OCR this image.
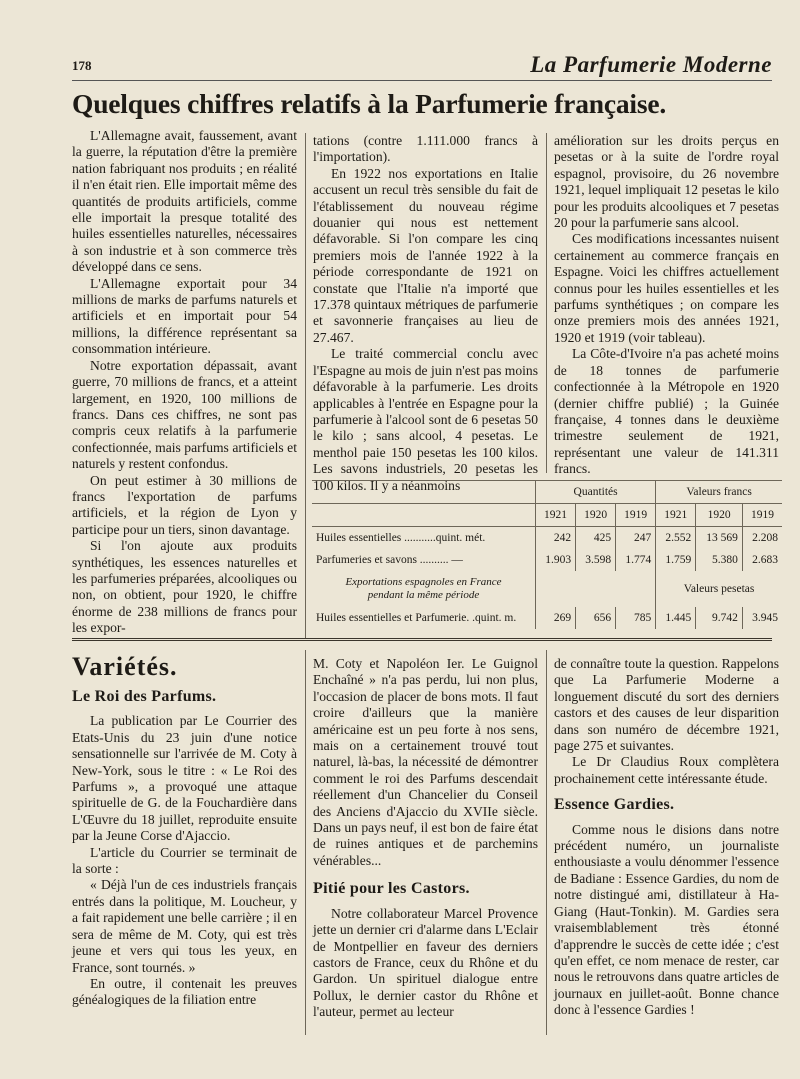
178	La Parfumerie Moderne
Quelques chiffres relatifs à la Parfumerie française.

L'Allemagne avait, faussement, avant la guerre, la réputation d'être la première nation fabriquant nos produits ; en réalité il n'en était rien. Elle importait même des quantités de produits artificiels, comme elle importait la presque totalité des huiles essentielles naturelles, nécessaires à son industrie et à son commerce très développé dans ce sens.

L'Allemagne exportait pour 34 millions de marks de parfums naturels et artificiels et en importait pour 54 millions, la différence représentant sa consommation intérieure.

Notre exportation dépassait, avant guerre, 70 millions de francs, et a atteint largement, en 1920, 100 millions de francs. Dans ces chiffres, ne sont pas compris ceux relatifs à la parfumerie confectionnée, mais parfums artificiels et naturels y restent confondus.

On peut estimer à 30 millions de francs l'exportation de parfums artificiels, et la région de Lyon y participe pour un tiers, sinon davantage.

Si l'on ajoute aux produits synthétiques, les essences naturelles et les parfumeries préparées, alcooliques ou non, on obtient, pour 1920, le chiffre énorme de 238 millions de francs pour les expor-

tations (contre 1.111.000 francs à l'importation).

En 1922 nos exportations en Italie accusent un recul très sensible du fait de l'établissement du nouveau régime douanier qui nous est nettement défavorable. Si l'on compare les cinq premiers mois de l'année 1922 à la période correspondante de 1921 on constate que l'Italie n'a importé que 17.378 quintaux métriques de parfumerie et savonnerie françaises au lieu de 27.467.

Le traité commercial conclu avec l'Espagne au mois de juin n'est pas moins défavorable à la parfumerie. Les droits applicables à l'entrée en Espagne pour la parfumerie à l'alcool sont de 6 pesetas 50 le kilo ; sans alcool, 4 pesetas. Le menthol paie 150 pesetas les 100 kilos. Les savons industriels, 20 pesetas les 100 kilos. Il y a néanmoins

amélioration sur les droits perçus en pesetas or à la suite de l'ordre royal espagnol, provisoire, du 26 novembre 1921, lequel impliquait 12 pesetas le kilo pour les produits alcooliques et 7 pesetas 20 pour la parfumerie sans alcool.

Ces modifications incessantes nuisent certainement au commerce français en Espagne. Voici les chiffres actuellement connus pour les huiles essentielles et les parfums synthétiques ; on compare les onze premiers mois des années 1921, 1920 et 1919 (voir tableau).

La Côte-d'Ivoire n'a pas acheté moins de 18 tonnes de parfumerie confectionnée à la Métropole en 1920 (dernier chiffre publié) ; la Guinée française, 4 tonnes dans le deuxième trimestre seulement de 1921, représentant une valeur de 141.311 francs.

	Quantités			Valeurs francs		
	1921	1920	1919	1921	1920	1919
Huiles essentielles ...........quint. mét.	242	425	247	2.552	13 569	2.208
Parfumeries et savons .......... —	1.903	3.598	1.774	1.759	5.380	2.683
Exportations espagnoles en France
pendant la même période				Valeurs pesetas		
Huiles essentielles et Parfumerie. .quint. m.	269	656	785	1.445	9.742	3.945
Variétés.
Le Roi des Parfums.

La publication par Le Courrier des Etats-Unis du 23 juin d'une notice sensationnelle sur l'arrivée de M. Coty à New-York, sous le titre : « Le Roi des Parfums », a provoqué une attaque spirituelle de G. de la Fouchardière dans L'Œuvre du 18 juillet, reproduite ensuite par la Jeune Corse d'Ajaccio.

L'article du Courrier se terminait de la sorte :

« Déjà l'un de ces industriels français entrés dans la politique, M. Loucheur, y a fait rapidement une belle carrière ; il en sera de même de M. Coty, qui est très jeune et vers qui tous les yeux, en France, sont tournés. »

En outre, il contenait les preuves généalogiques de la filiation entre

M. Coty et Napoléon Ier. Le Guignol Enchaîné » n'a pas perdu, lui non plus, l'occasion de placer de bons mots. Il faut croire d'ailleurs que la manière américaine est un peu forte à nos sens, mais on a certainement trouvé tout naturel, là-bas, la nécessité de démontrer comment le roi des Parfums descendait réellement d'un Chancelier du Conseil des Anciens d'Ajaccio du XVIIe siècle. Dans un pays neuf, il est bon de faire état de ruines antiques et de parchemins vénérables...

Pitié pour les Castors.

Notre collaborateur Marcel Provence jette un dernier cri d'alarme dans L'Eclair de Montpellier en faveur des derniers castors de France, ceux du Rhône et du Gardon. Un spirituel dialogue entre Pollux, le dernier castor du Rhône et l'auteur, permet au lecteur

de connaître toute la question. Rappelons que La Parfumerie Moderne a longuement discuté du sort des derniers castors et des causes de leur disparition dans son numéro de décembre 1921, page 275 et suivantes.

Le Dr Claudius Roux complètera prochainement cette intéressante étude.

Essence Gardies.

Comme nous le disions dans notre précédent numéro, un journaliste enthousiaste a voulu dénommer l'essence de Badiane : Essence Gardies, du nom de notre distingué ami, distillateur à Ha-Giang (Haut-Tonkin). M. Gardies sera vraisemblablement très étonné d'apprendre le succès de cette idée ; c'est qu'en effet, ce nom menace de rester, car nous le retrouvons dans quatre articles de journaux en juillet-août. Bonne chance donc à l'essence Gardies !
